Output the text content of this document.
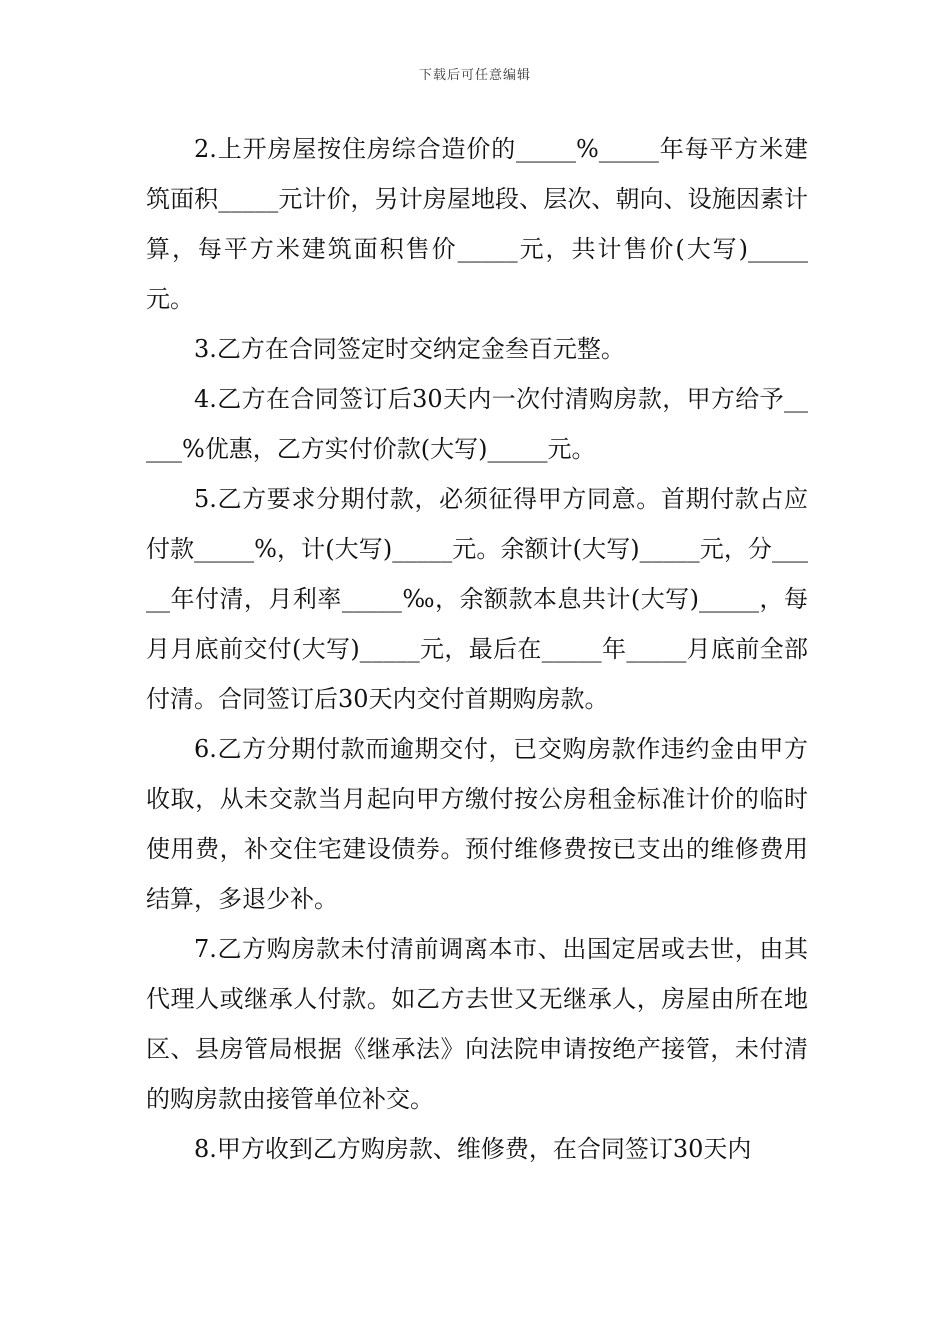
下载后可任意编辑

2.上开房屋按住房综合造价的_____%_____年每平方米建筑面积_____元计价，另计房屋地段、层次、朝向、设施因素计算，每平方米建筑面积售价_____元，共计售价(大写)_____元。

3.乙方在合同签定时交纳定金叁百元整。

4.乙方在合同签订后30天内一次付清购房款，甲方给予_____%优惠，乙方实付价款(大写)_____元。

5.乙方要求分期付款，必须征得甲方同意。首期付款占应付款_____%，计(大写)_____元。余额计(大写)_____元，分_____年付清，月利率_____‰，余额款本息共计(大写)_____，每月月底前交付(大写)_____元，最后在_____年_____月底前全部付清。合同签订后30天内交付首期购房款。

6.乙方分期付款而逾期交付，已交购房款作违约金由甲方收取，从未交款当月起向甲方缴付按公房租金标准计价的临时使用费，补交住宅建设债券。预付维修费按已支出的维修费用结算，多退少补。

7.乙方购房款未付清前调离本市、出国定居或去世，由其代理人或继承人付款。如乙方去世又无继承人，房屋由所在地区、县房管局根据《继承法》向法院申请按绝产接管，未付清的购房款由接管单位补交。

8.甲方收到乙方购房款、维修费，在合同签订30天内
